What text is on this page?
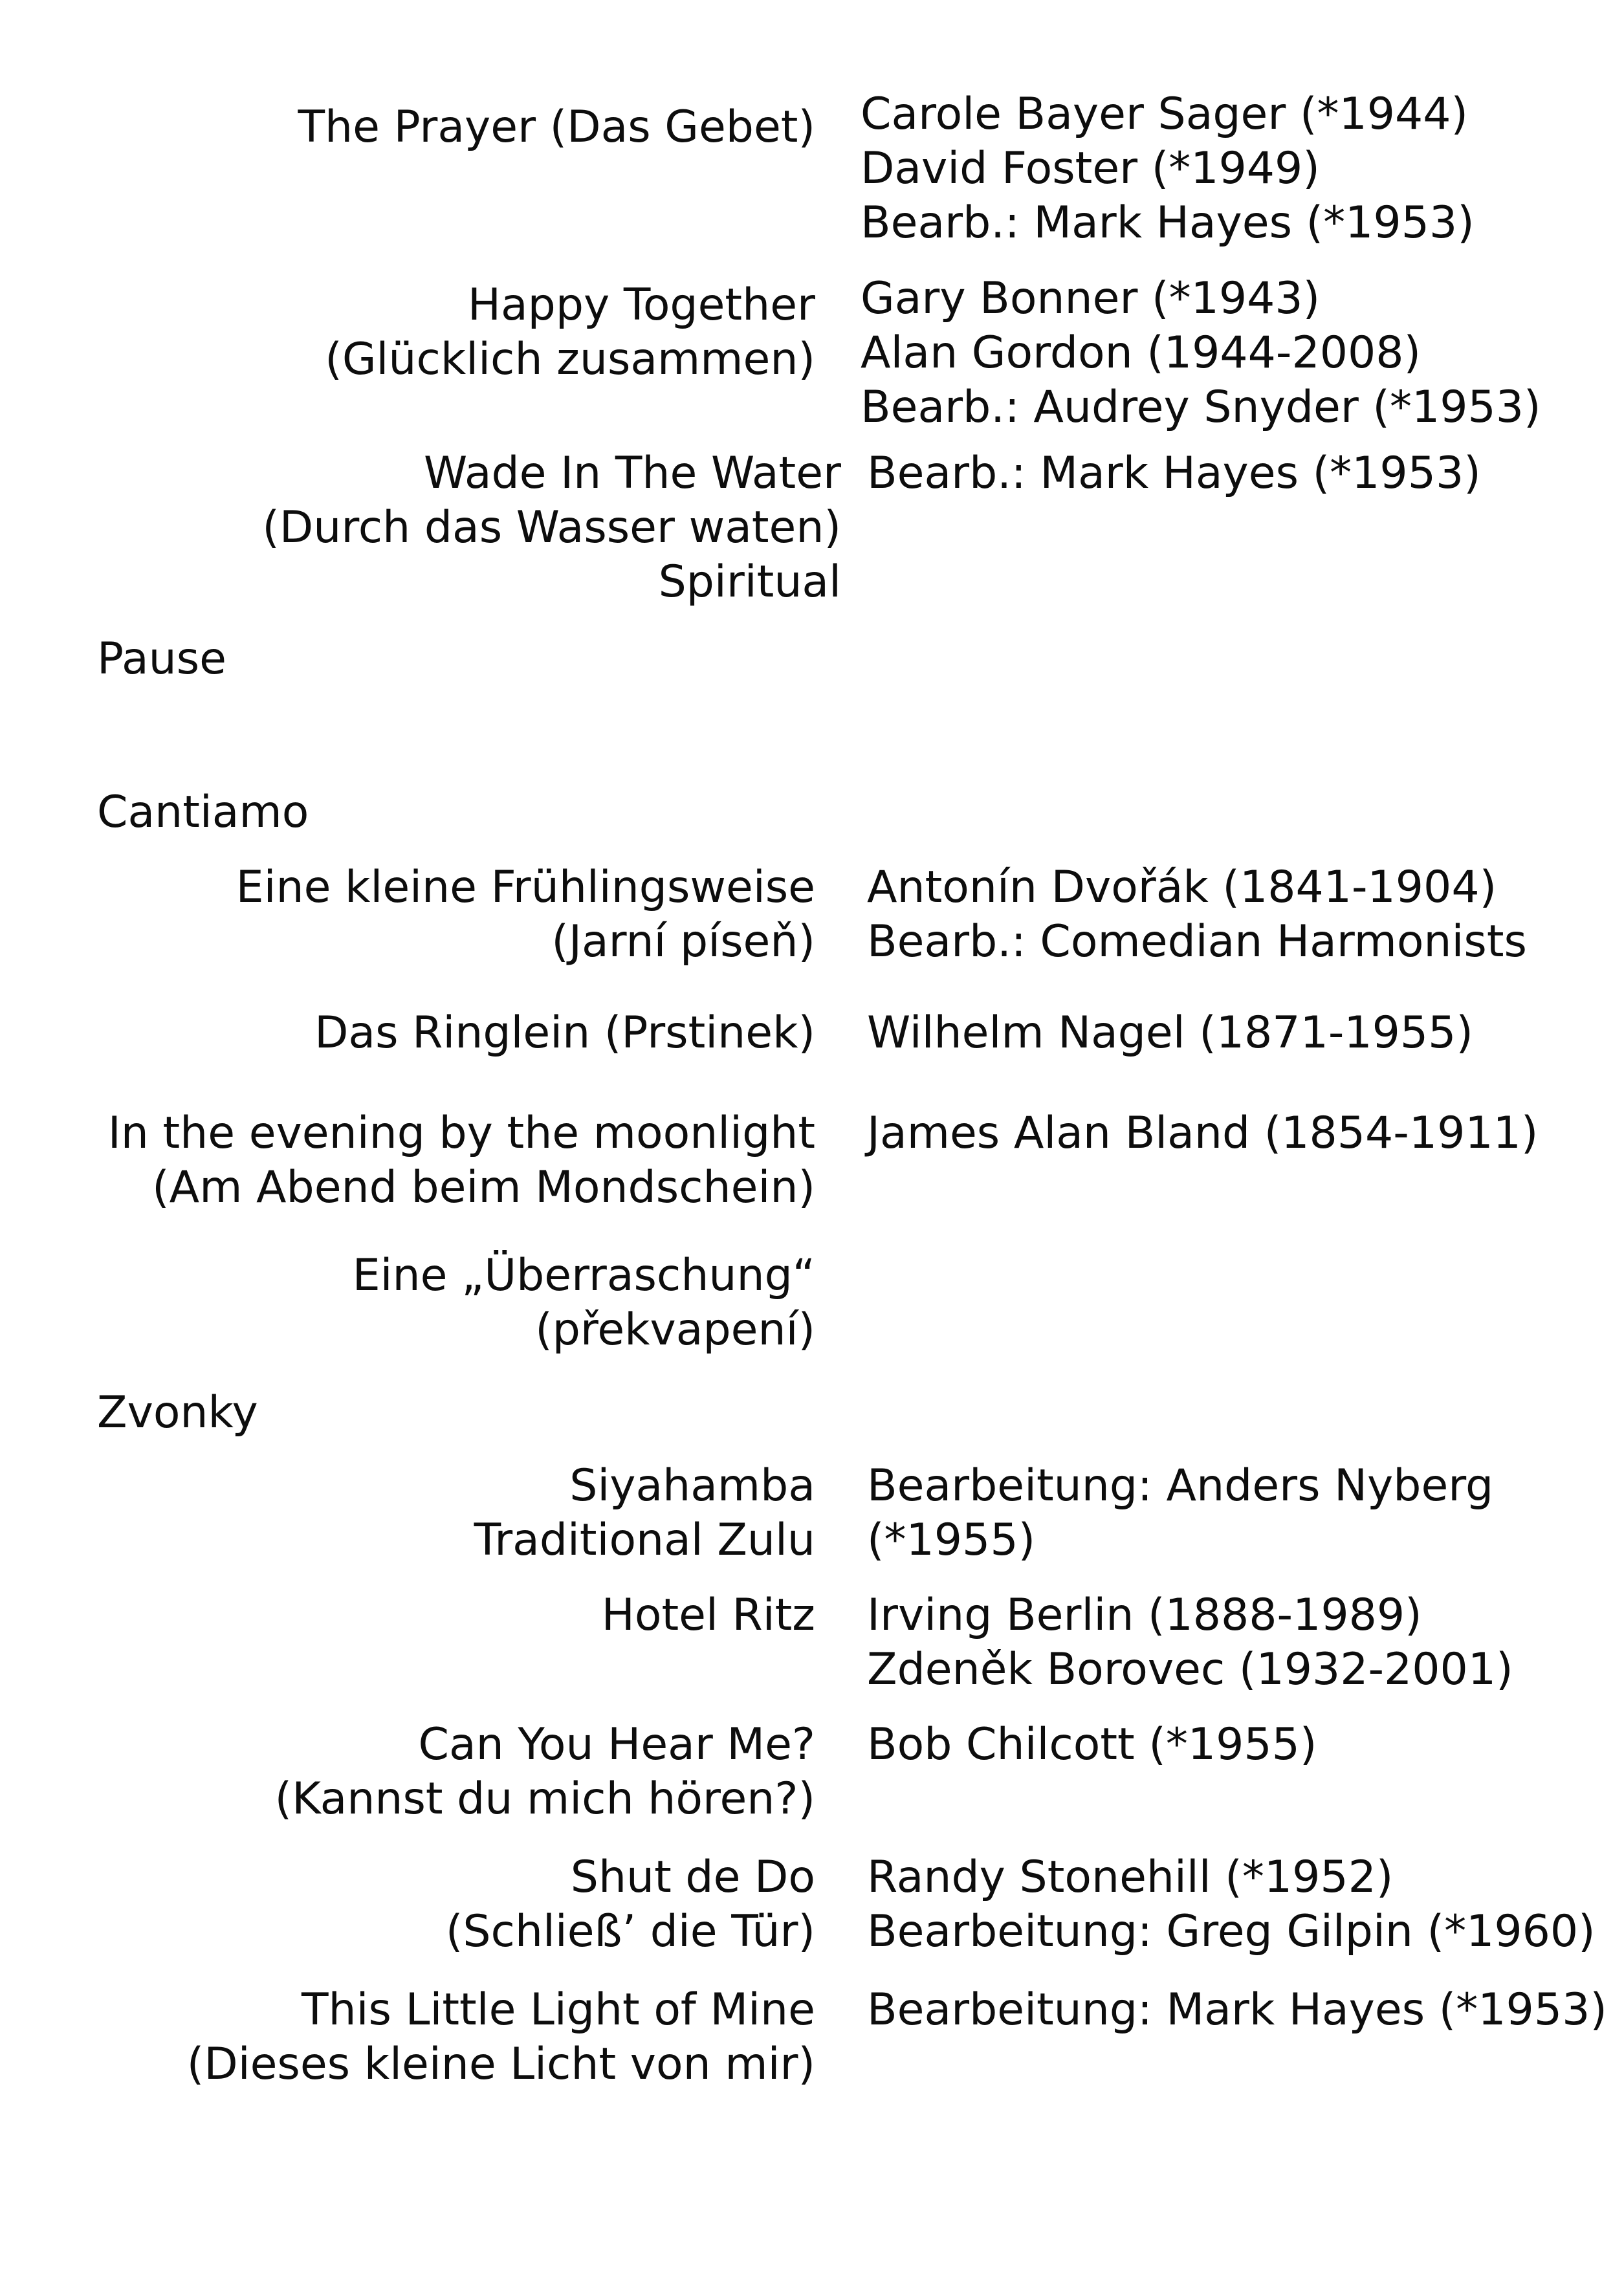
The Prayer (Das Gebet) Carole Bayer Sager (*1944)
David Foster (*1949)
Bearb.: Mark Hayes (*1953)
Happy Together
(Glücklich zusammen)
Gary Bonner (*1943)
Alan Gordon (1944-2008)
Bearb.: Audrey Snyder (*1953)
Wade In The Water
(Durch das Wasser waten)
Spiritual
Bearb.: Mark Hayes (*1953)
Pause
Cantiamo
Eine kleine Frühlingsweise
(Jarní píseň)
Antonín Dvořák (1841-1904)
Bearb.: Comedian Harmonists
Das Ringlein (Prstinek) Wilhelm Nagel (1871-1955)
In the evening by the moonlight
(Am Abend beim Mondschein)
James Alan Bland (1854-1911)
Eine „Überraschung“
(překvapení)
Zvonky
Siyahamba
Traditional Zulu
Bearbeitung: Anders Nyberg
(*1955)
Hotel Ritz Irving Berlin (1888-1989)
Zdeněk Borovec (1932-2001)
Can You Hear Me?
(Kannst du mich hören?)
Bob Chilcott (*1955)
Shut de Do
(Schließ’ die Tür)
Randy Stonehill (*1952)
Bearbeitung: Greg Gilpin (*1960)
This Little Light of Mine
(Dieses kleine Licht von mir)
Bearbeitung: Mark Hayes (*1953)
